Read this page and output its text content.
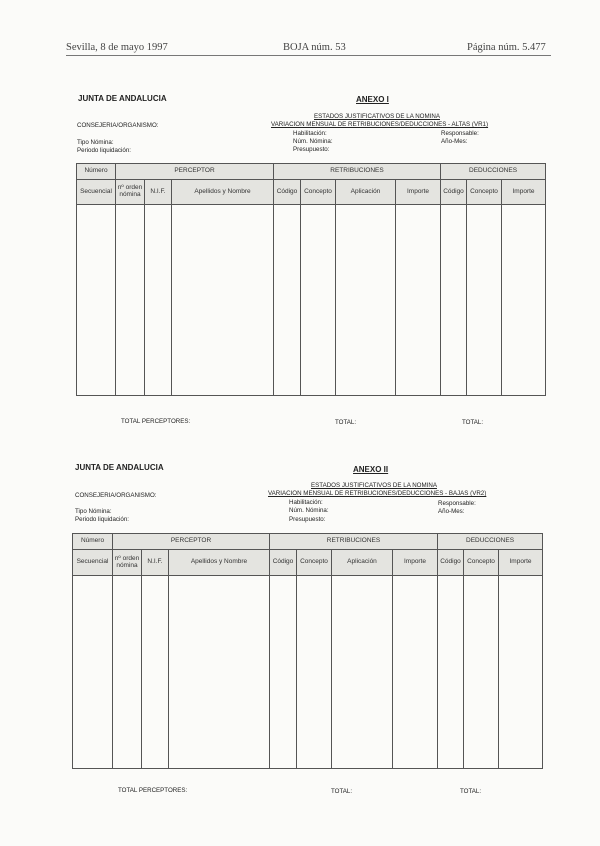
Sevilla, 8 de mayo 1997	BOJA núm. 53	Página núm. 5.477
JUNTA DE ANDALUCIA	ANEXO I
ESTADOS JUSTIFICATIVOS DE LA NOMINA
VARIACION MENSUAL DE RETRIBUCIONES/DEDUCCIONES - ALTAS (VR1)
CONSEJERIA/ORGANISMO:
Habilitación:	Responsable:
Tipo Nómina:	Núm. Nómina:	Año-Mes:
Periodo liquidación:	Presupuesto:
Número	PERCEPTOR			RETRIBUCIONES				DEDUCCIONES		
Secuencial	nº orden nómina	N.I.F.	Apellidos y Nombre	Código	Concepto	Aplicación	Importe	Código	Concepto	Importe

TOTAL PERCEPTORES:	TOTAL:	TOTAL:
JUNTA DE ANDALUCIA	ANEXO II
ESTADOS JUSTIFICATIVOS DE LA NOMINA
VARIACION MENSUAL DE RETRIBUCIONES/DEDUCCIONES - BAJAS (VR2)
CONSEJERIA/ORGANISMO:
Habilitación:	Responsable:
Tipo Nómina:	Núm. Nómina:	Año-Mes:
Periodo liquidación:	Presupuesto:
Número	PERCEPTOR			RETRIBUCIONES				DEDUCCIONES		
Secuencial	nº orden nómina	N.I.F.	Apellidos y Nombre	Código	Concepto	Aplicación	Importe	Código	Concepto	Importe

TOTAL PERCEPTORES:	TOTAL:	TOTAL:
